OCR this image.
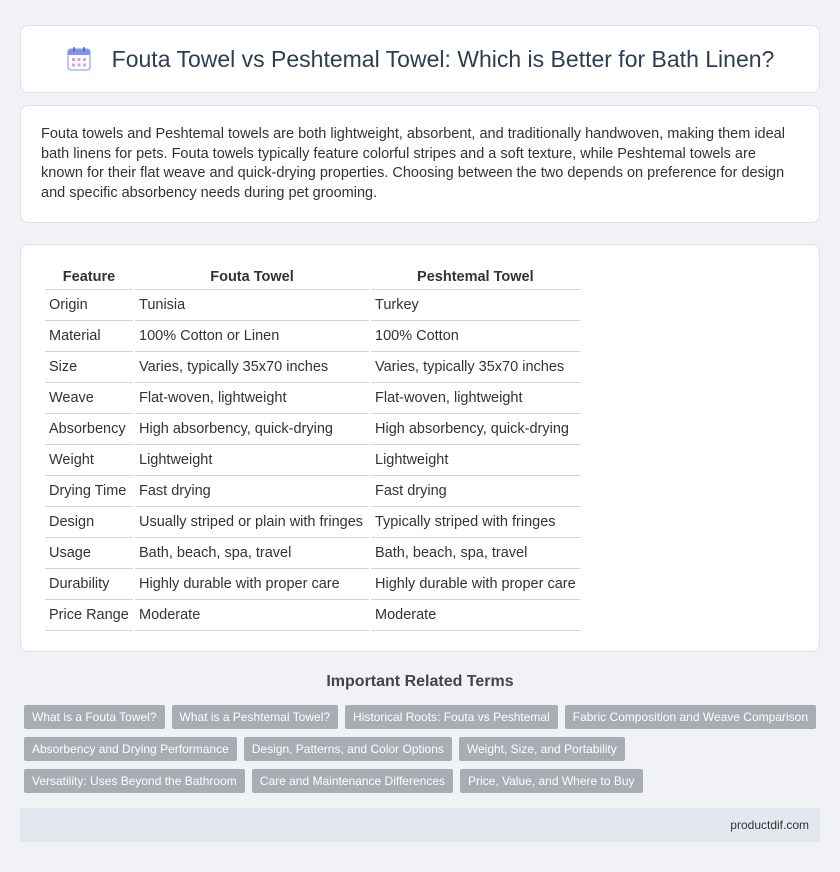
Fouta Towel vs Peshtemal Towel: Which is Better for Bath Linen?

Fouta towels and Peshtemal towels are both lightweight, absorbent, and traditionally handwoven, making them ideal bath linens for pets. Fouta towels typically feature colorful stripes and a soft texture, while Peshtemal towels are known for their flat weave and quick-drying properties. Choosing between the two depends on preference for design and specific absorbency needs during pet grooming.

Feature	Fouta Towel	Peshtemal Towel
Origin	Tunisia	Turkey
Material	100% Cotton or Linen	100% Cotton
Size	Varies, typically 35x70 inches	Varies, typically 35x70 inches
Weave	Flat-woven, lightweight	Flat-woven, lightweight
Absorbency	High absorbency, quick-drying	High absorbency, quick-drying
Weight	Lightweight	Lightweight
Drying Time	Fast drying	Fast drying
Design	Usually striped or plain with fringes	Typically striped with fringes
Usage	Bath, beach, spa, travel	Bath, beach, spa, travel
Durability	Highly durable with proper care	Highly durable with proper care
Price Range	Moderate	Moderate
Important Related Terms
What is a Fouta Towel?	What is a Peshtemal Towel?	Historical Roots: Fouta vs Peshtemal	Fabric Composition and Weave Comparison
Absorbency and Drying Performance	Design, Patterns, and Color Options	Weight, Size, and Portability
Versatility: Uses Beyond the Bathroom	Care and Maintenance Differences	Price, Value, and Where to Buy
productdif.com
